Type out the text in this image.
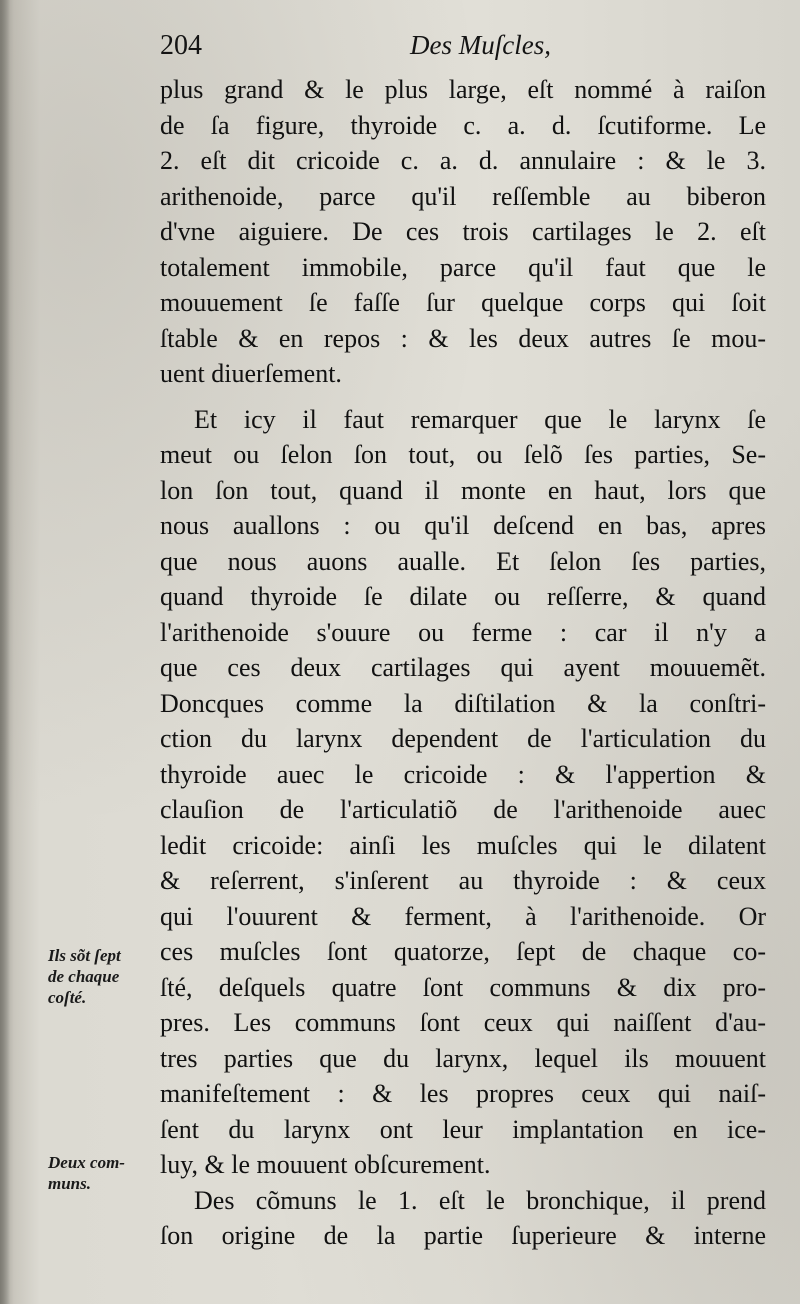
204	Des Muſcles,
plus grand & le plus large, eſt nommé à raiſon
de ſa figure, thyroide c. a. d. ſcutiforme. Le
2. eſt dit cricoide c. a. d. annulaire : & le 3.
arithenoide, parce qu'il reſſemble au biberon
d'vne aiguiere. De ces trois cartilages le 2. eſt
totalement immobile, parce qu'il faut que le
mouuement ſe faſſe ſur quelque corps qui ſoit
ſtable & en repos : & les deux autres ſe mou-
uent diuerſement.
Et icy il faut remarquer que le larynx ſe
meut ou ſelon ſon tout, ou ſelõ ſes parties, Se-
lon ſon tout, quand il monte en haut, lors que
nous auallons : ou qu'il deſcend en bas, apres
que nous auons aualle. Et ſelon ſes parties,
quand thyroide ſe dilate ou reſſerre, & quand
l'arithenoide s'ouure ou ferme : car il n'y a
que ces deux cartilages qui ayent mouuemẽt.
Doncques comme la diſtilation & la conſtri-
ction du larynx dependent de l'articulation du
thyroide auec le cricoide : & l'appertion &
clauſion de l'articulatiõ de l'arithenoide auec
ledit cricoide: ainſi les muſcles qui le dilatent
& reſerrent, s'inſerent au thyroide : & ceux
qui l'ouurent & ferment, à l'arithenoide. Or
ces muſcles ſont quatorze, ſept de chaque co-
ſté, deſquels quatre ſont communs & dix pro-
pres. Les communs ſont ceux qui naiſſent d'au-
tres parties que du larynx, lequel ils mouuent
manifeſtement : & les propres ceux qui naiſ-
ſent du larynx ont leur implantation en ice-
luy, & le mouuent obſcurement.
Des cõmuns le 1. eſt le bronchique, il prend
ſon origine de la partie ſuperieure & interne
Ils sõt ſept
de chaque
coſté.
Deux com-
muns.
